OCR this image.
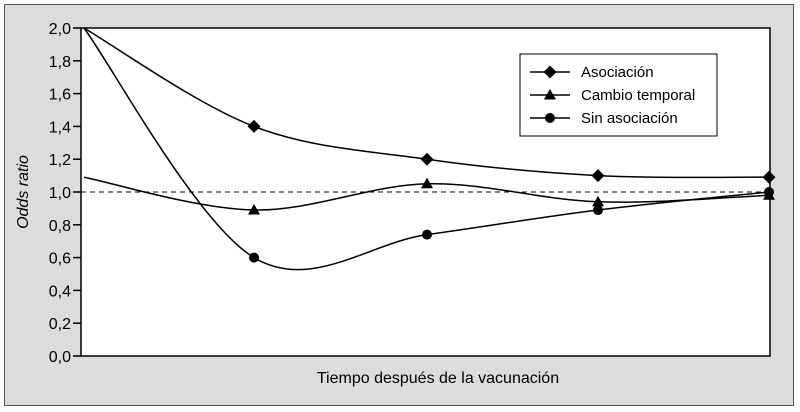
0,0
0,2
0,4
0,6
0,8
1,0
1,2
1,4
1,6
1,8
2,0
Asociación
Cambio temporal
Sin asociación
Tiempo después de la vacunación
Odds ratio
